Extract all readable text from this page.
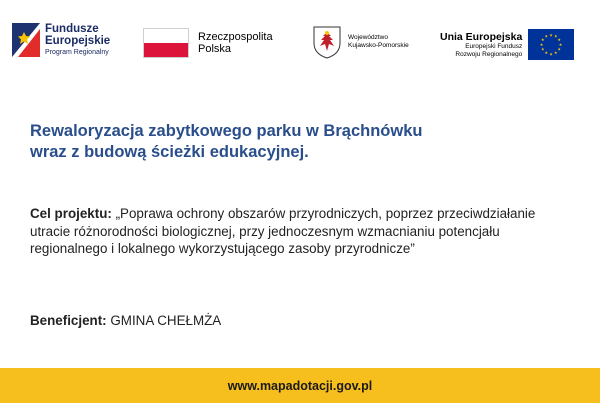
Fundusze
Europejskie
Program Regionalny
Rzeczpospolita
Polska
Województwo
Kujawsko-Pomorskie
Unia Europejska
Europejski Fundusz
Rozwoju Regionalnego
★ ★
★
★
★
★
★
★
★
★
★
★
Rewaloryzacja zabytkowego parku w Brąchnówku
wraz z budową ścieżki edukacyjnej.
Cel projektu: „Poprawa ochrony obszarów przyrodniczych, poprzez przeciwdziałanie utracie różnorodności biologicznej, przy jednoczesnym wzmacnianiu potencjału regionalnego i lokalnego wykorzystującego zasoby przyrodnicze”
Beneficjent: GMINA CHEŁMŻA
www.mapadotacji.gov.pl
